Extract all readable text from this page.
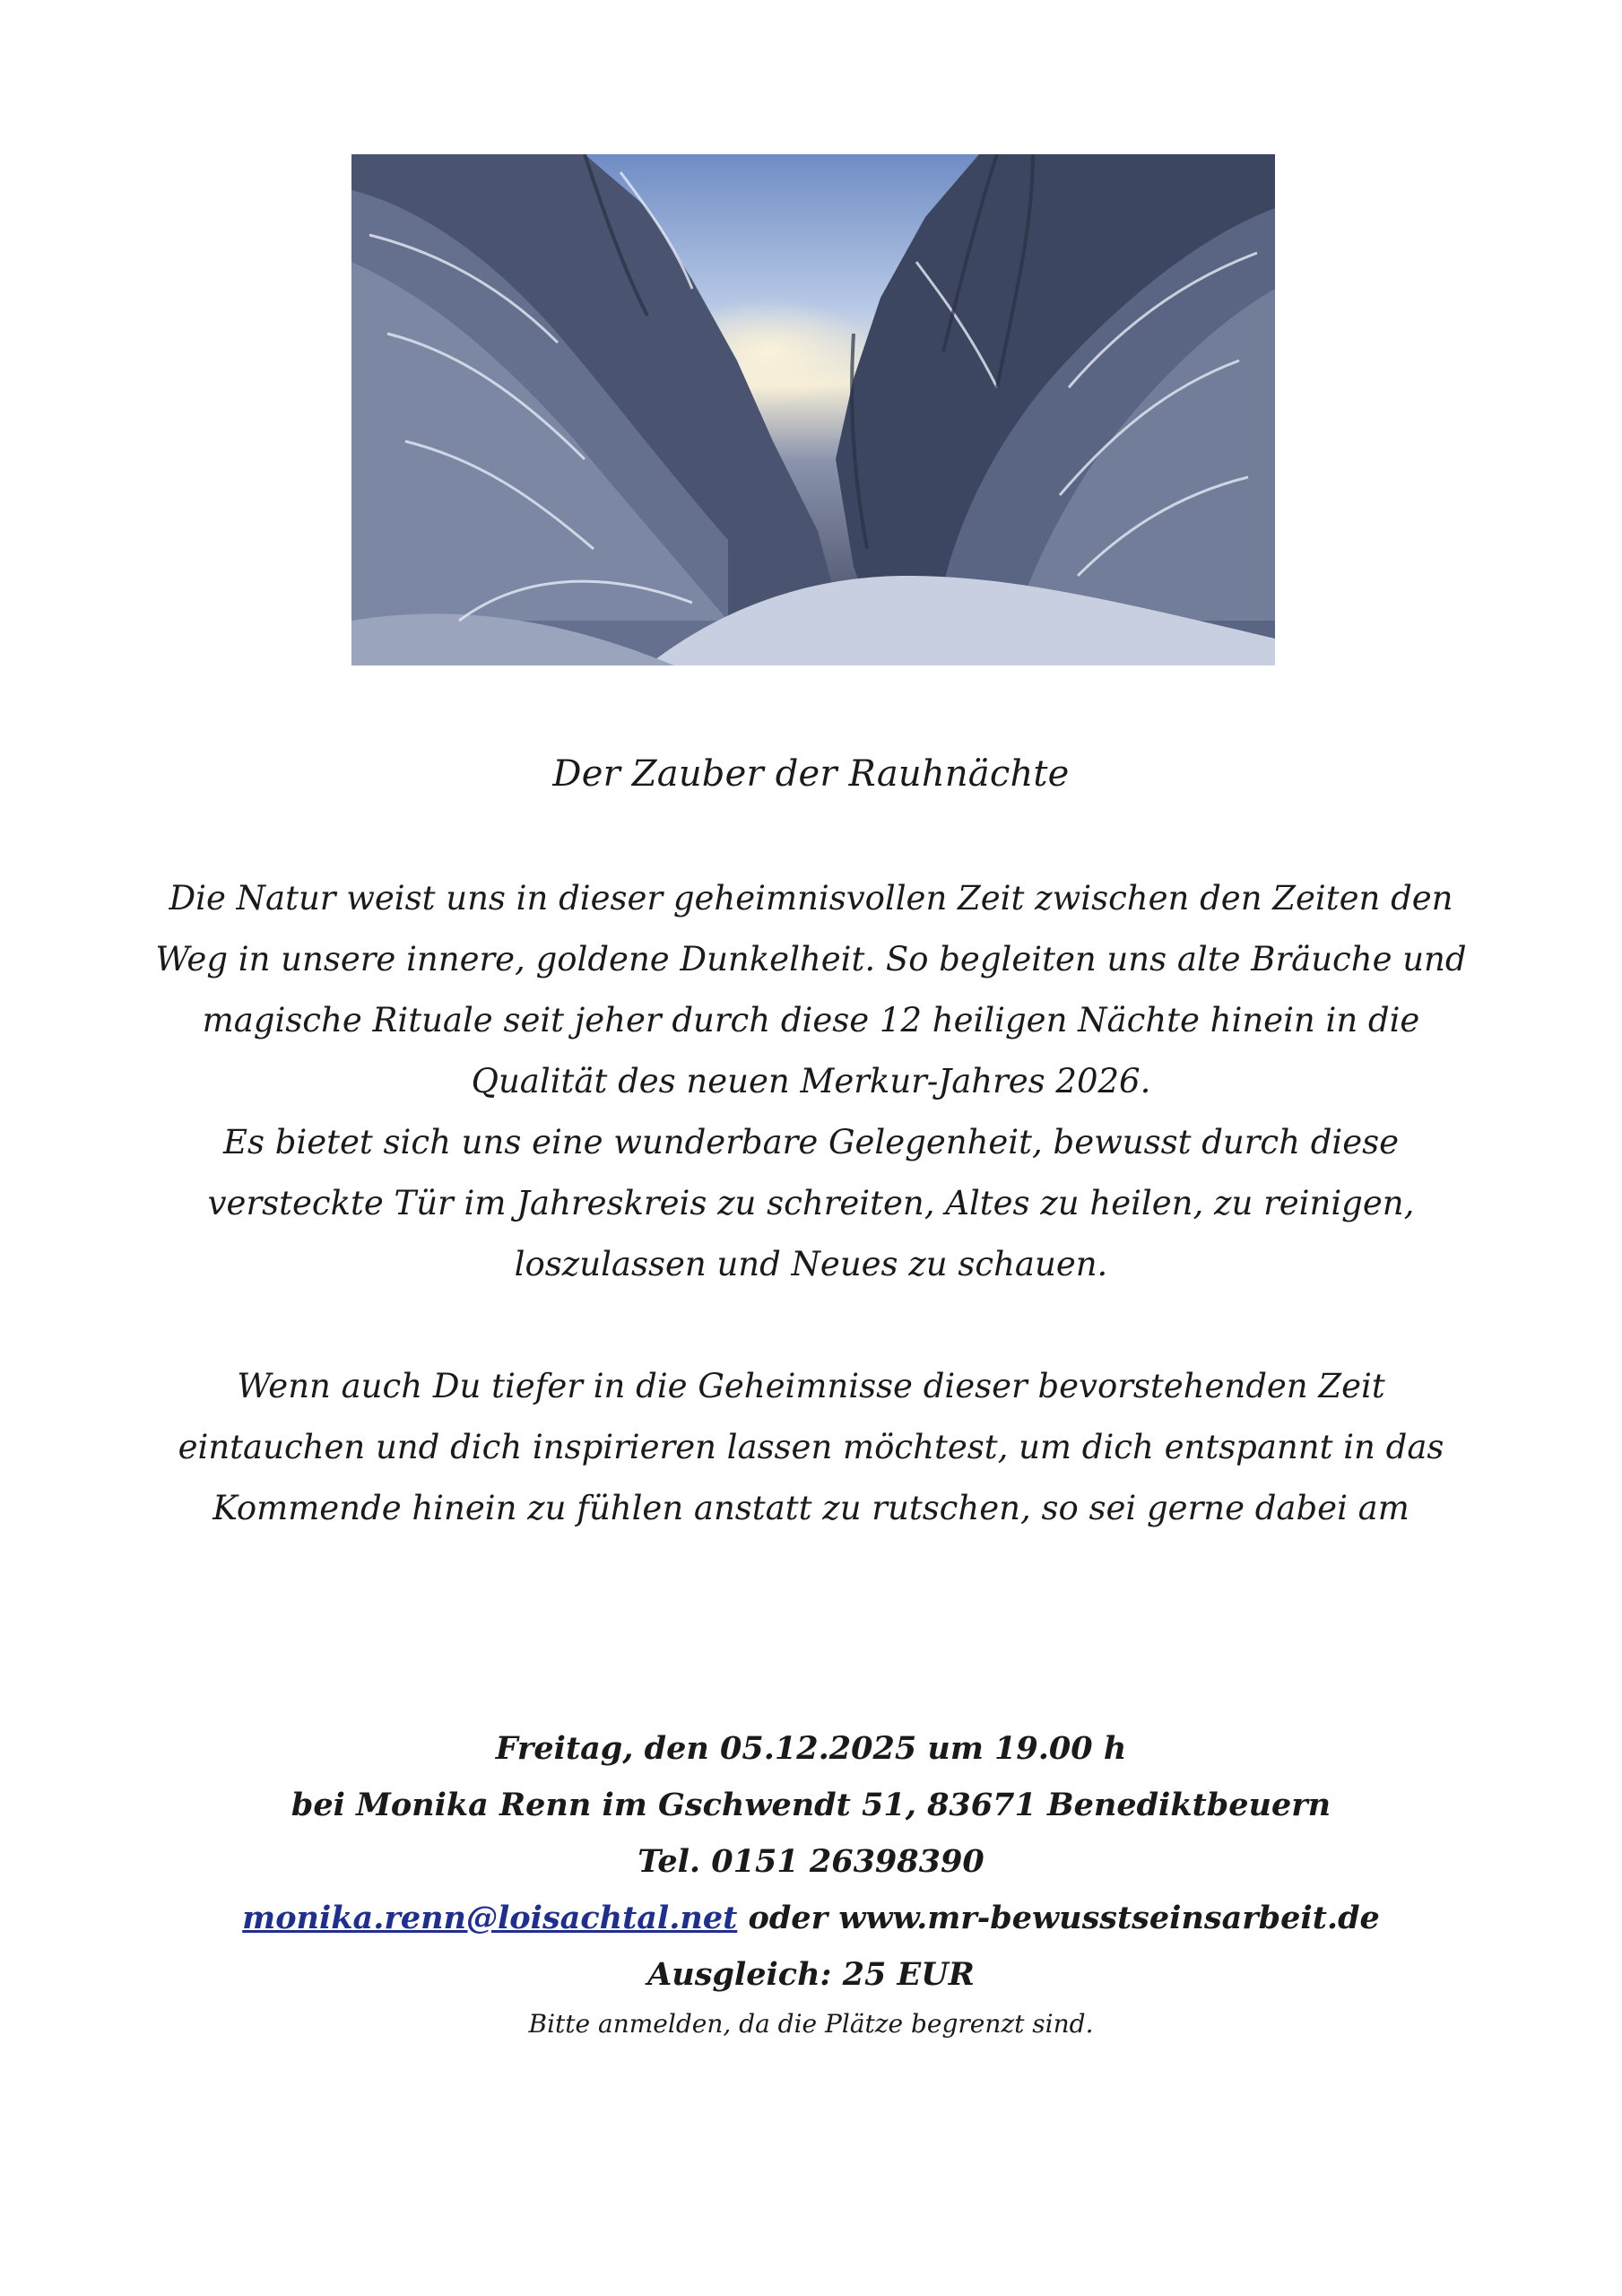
Der Zauber der Rauhnächte

Die Natur weist uns in dieser geheimnisvollen Zeit zwischen den Zeiten den Weg in unsere innere, goldene Dunkelheit. So begleiten uns alte Bräuche und magische Rituale seit jeher durch diese 12 heiligen Nächte hinein in die Qualität des neuen Merkur-Jahres 2026.

Es bietet sich uns eine wunderbare Gelegenheit, bewusst durch diese versteckte Tür im Jahreskreis zu schreiten, Altes zu heilen, zu reinigen, loszulassen und Neues zu schauen.

Wenn auch Du tiefer in die Geheimnisse dieser bevorstehenden Zeit eintauchen und dich inspirieren lassen möchtest, um dich entspannt in das Kommende hinein zu fühlen anstatt zu rutschen, so sei gerne dabei am
Freitag, den 05.12.2025 um 19.00 h
bei Monika Renn im Gschwendt 51, 83671 Benediktbeuern
Tel. 0151 26398390
monika.renn@loisachtal.net oder www.mr-bewusstseinsarbeit.de
Ausgleich: 25 EUR
Bitte anmelden, da die Plätze begrenzt sind.
